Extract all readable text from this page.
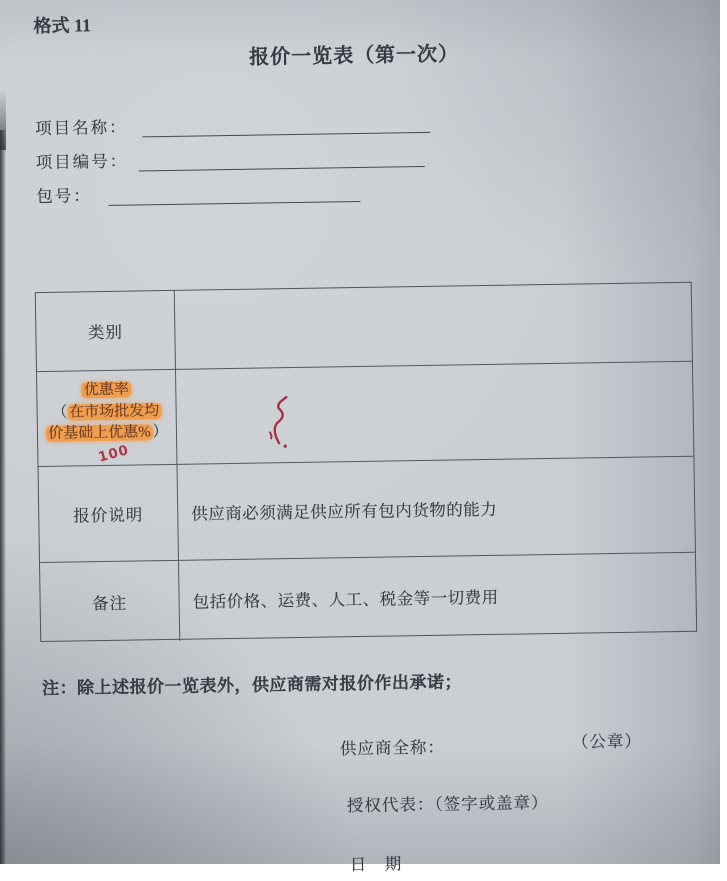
格式 11
报价一览表（第一次）
项目名称：
项目编号：
包号：
类别
优惠率
（ 在市场批发均
价基础上优惠% ）
100
报价说明	供应商必须满足供应所有包内货物的能力
备注	包括价格、运费、人工、税金等一切费用

注：除上述报价一览表外，供应商需对报价作出承诺；

供应商全称：	（公章）
授权代表：（签字或盖章）
日　期
